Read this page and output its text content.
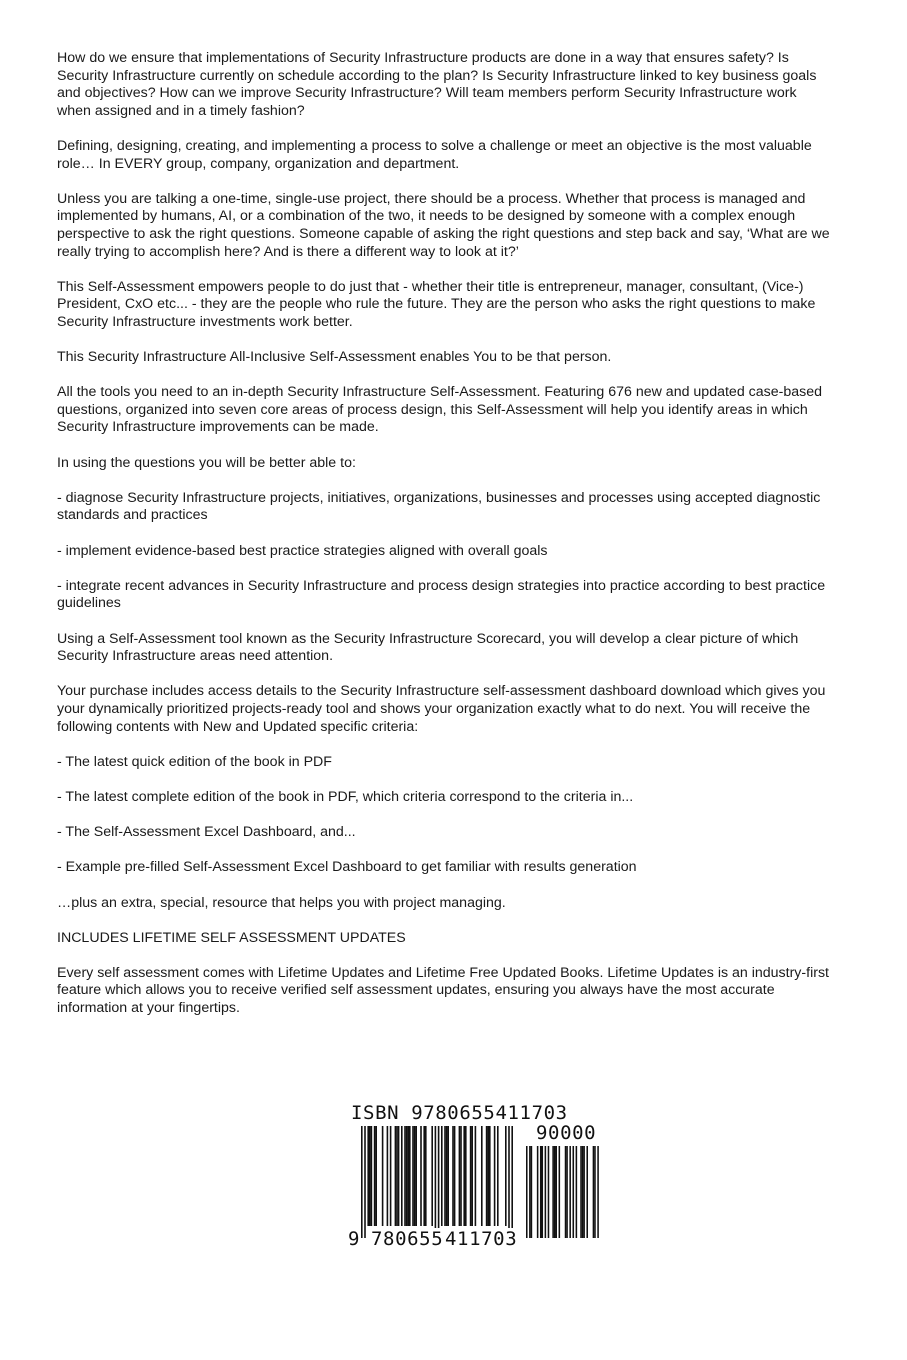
How do we ensure that implementations of Security Infrastructure products are done in a way that ensures safety? Is Security Infrastructure currently on schedule according to the plan? Is Security Infrastructure linked to key business goals and objectives? How can we improve Security Infrastructure? Will team members perform Security Infrastructure work when assigned and in a timely fashion?

Defining, designing, creating, and implementing a process to solve a challenge or meet an objective is the most valuable role… In EVERY group, company, organization and department.

Unless you are talking a one-time, single-use project, there should be a process. Whether that process is managed and implemented by humans, AI, or a combination of the two, it needs to be designed by someone with a complex enough perspective to ask the right questions. Someone capable of asking the right questions and step back and say, ‘What are we really trying to accomplish here? And is there a different way to look at it?’

This Self-Assessment empowers people to do just that - whether their title is entrepreneur, manager, consultant, (Vice-) President, CxO etc... - they are the people who rule the future. They are the person who asks the right questions to make Security Infrastructure investments work better.

This Security Infrastructure All-Inclusive Self-Assessment enables You to be that person.

All the tools you need to an in-depth Security Infrastructure Self-Assessment. Featuring 676 new and updated case-based questions, organized into seven core areas of process design, this Self-Assessment will help you identify areas in which Security Infrastructure improvements can be made.

In using the questions you will be better able to:

- diagnose Security Infrastructure projects, initiatives, organizations, businesses and processes using accepted diagnostic standards and practices

- implement evidence-based best practice strategies aligned with overall goals

- integrate recent advances in Security Infrastructure and process design strategies into practice according to best practice guidelines

Using a Self-Assessment tool known as the Security Infrastructure Scorecard, you will develop a clear picture of which Security Infrastructure areas need attention.

Your purchase includes access details to the Security Infrastructure self-assessment dashboard download which gives you your dynamically prioritized projects-ready tool and shows your organization exactly what to do next. You will receive the following contents with New and Updated specific criteria:

- The latest quick edition of the book in PDF

- The latest complete edition of the book in PDF, which criteria correspond to the criteria in...

- The Self-Assessment Excel Dashboard, and...

- Example pre-filled Self-Assessment Excel Dashboard to get familiar with results generation

…plus an extra, special, resource that helps you with project managing.

INCLUDES LIFETIME SELF ASSESSMENT UPDATES

Every self assessment comes with Lifetime Updates and Lifetime Free Updated Books. Lifetime Updates is an industry-first feature which allows you to receive verified self assessment updates, ensuring you always have the most accurate information at your fingertips.

ISBN 9780655411703
90000
9 780655 411703
